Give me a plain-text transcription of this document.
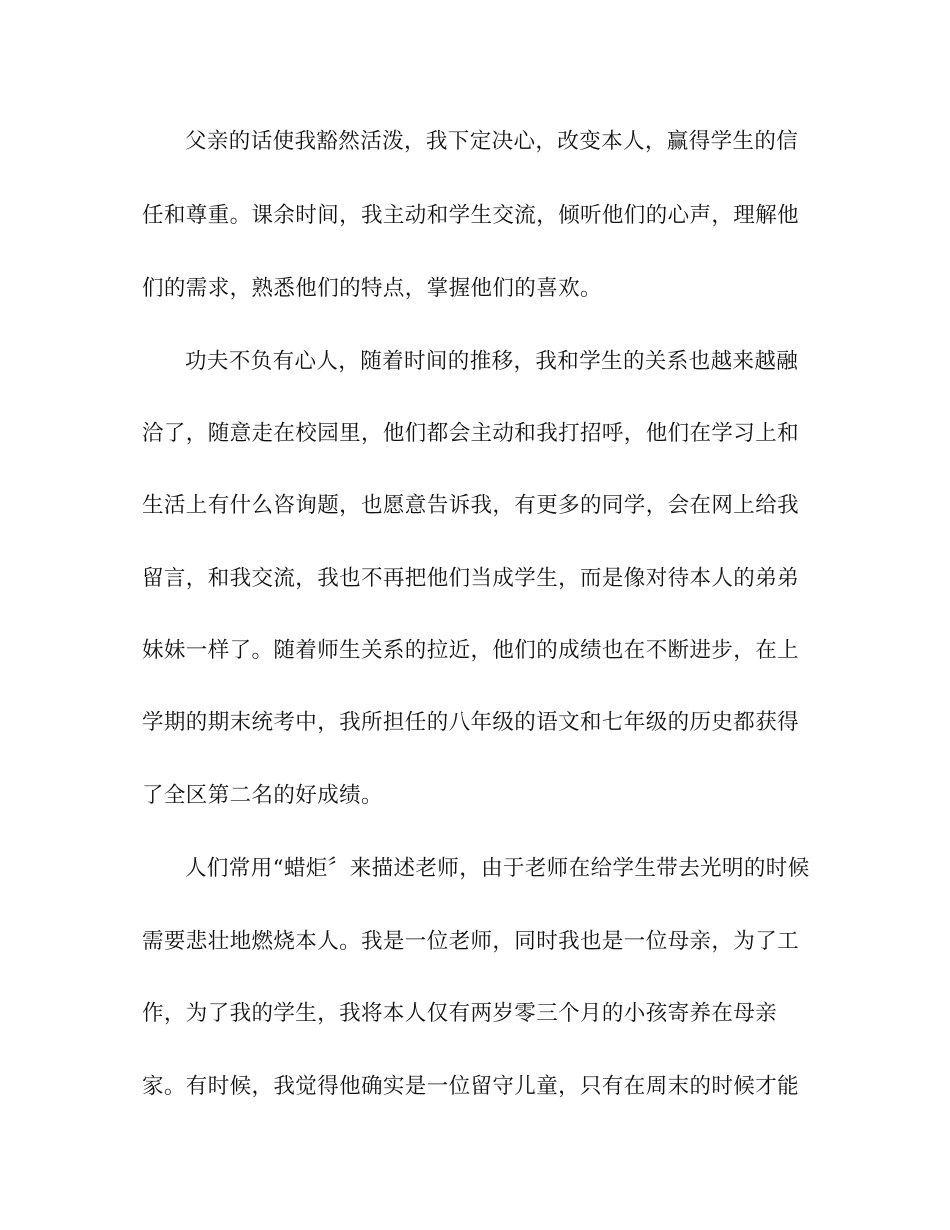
父亲的话使我豁然活泼，我下定决心，改变本人，赢得学生的信
任和尊重。课余时间，我主动和学生交流，倾听他们的心声，理解他
们的需求，熟悉他们的特点，掌握他们的喜欢。
功夫不负有心人，随着时间的推移，我和学生的关系也越来越融
洽了，随意走在校园里，他们都会主动和我打招呼，他们在学习上和
生活上有什么咨询题，也愿意告诉我，有更多的同学，会在网上给我
留言，和我交流，我也不再把他们当成学生，而是像对待本人的弟弟
妹妹一样了。随着师生关系的拉近，他们的成绩也在不断进步，在上
学期的期末统考中，我所担任的八年级的语文和七年级的历史都获得
了全区第二名的好成绩。
人们常用“蜡炬〞来描述老师，由于老师在给学生带去光明的时候
需要悲壮地燃烧本人。我是一位老师，同时我也是一位母亲，为了工
作，为了我的学生，我将本人仅有两岁零三个月的小孩寄养在母亲
家。有时候，我觉得他确实是一位留守儿童，只有在周末的时候才能
